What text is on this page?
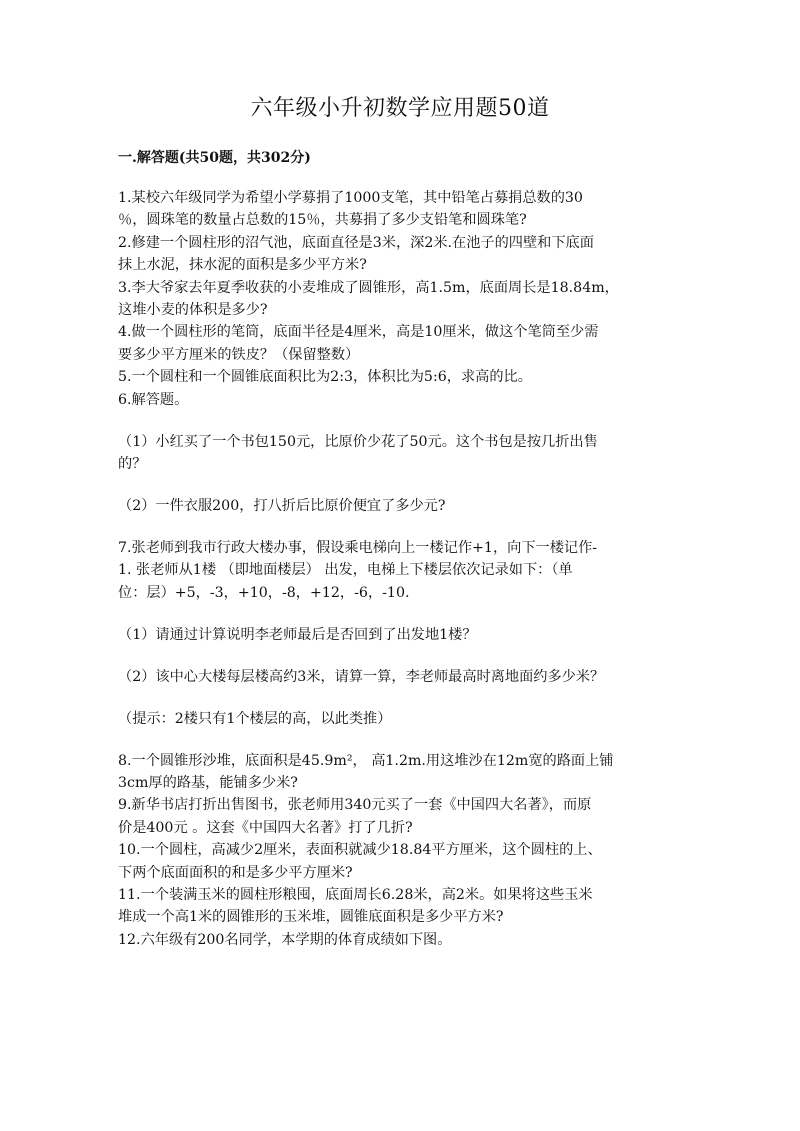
六年级小升初数学应用题50道
一.解答题(共50题，共302分)
1.某校六年级同学为希望小学募捐了1000支笔，其中铅笔占募捐总数的30
％，圆珠笔的数量占总数的15％，共募捐了多少支铅笔和圆珠笔?
2.修建一个圆柱形的沼气池，底面直径是3米，深2米.在池子的四壁和下底面
抹上水泥，抹水泥的面积是多少平方米?
3.李大爷家去年夏季收获的小麦堆成了圆锥形，高1.5m，底面周长是18.84m，
这堆小麦的体积是多少?
4.做一个圆柱形的笔筒，底面半径是4厘米，高是10厘米，做这个笔筒至少需
要多少平方厘米的铁皮？（保留整数）
5.一个圆柱和一个圆锥底面积比为2:3，体积比为5:6，求高的比。
6.解答题。
（1）小红买了一个书包150元，比原价少花了50元。这个书包是按几折出售
的？
（2）一件衣服200，打八折后比原价便宜了多少元?
7.张老师到我市行政大楼办事，假设乘电梯向上一楼记作+1，向下一楼记作-
1. 张老师从1楼 （即地面楼层） 出发，电梯上下楼层依次记录如下：（单
位：层）+5，-3，+10，-8，+12，-6，-10.
（1）请通过计算说明李老师最后是否回到了出发地1楼？
（2）该中心大楼每层楼高约3米，请算一算，李老师最高时离地面约多少米？
（提示：2楼只有1个楼层的高，以此类推）
8.一个圆锥形沙堆，底面积是45.9m²， 高1.2m.用这堆沙在12m宽的路面上铺
3cm厚的路基，能铺多少米?
9.新华书店打折出售图书，张老师用340元买了一套《中国四大名著》，而原
价是400元 。这套《中国四大名著》打了几折?
10.一个圆柱，高减少2厘米，表面积就减少18.84平方厘米，这个圆柱的上、
下两个底面面积的和是多少平方厘米?
11.一个装满玉米的圆柱形粮囤，底面周长6.28米，高2米。如果将这些玉米
堆成一个高1米的圆锥形的玉米堆，圆锥底面积是多少平方米?
12.六年级有200名同学，本学期的体育成绩如下图。
